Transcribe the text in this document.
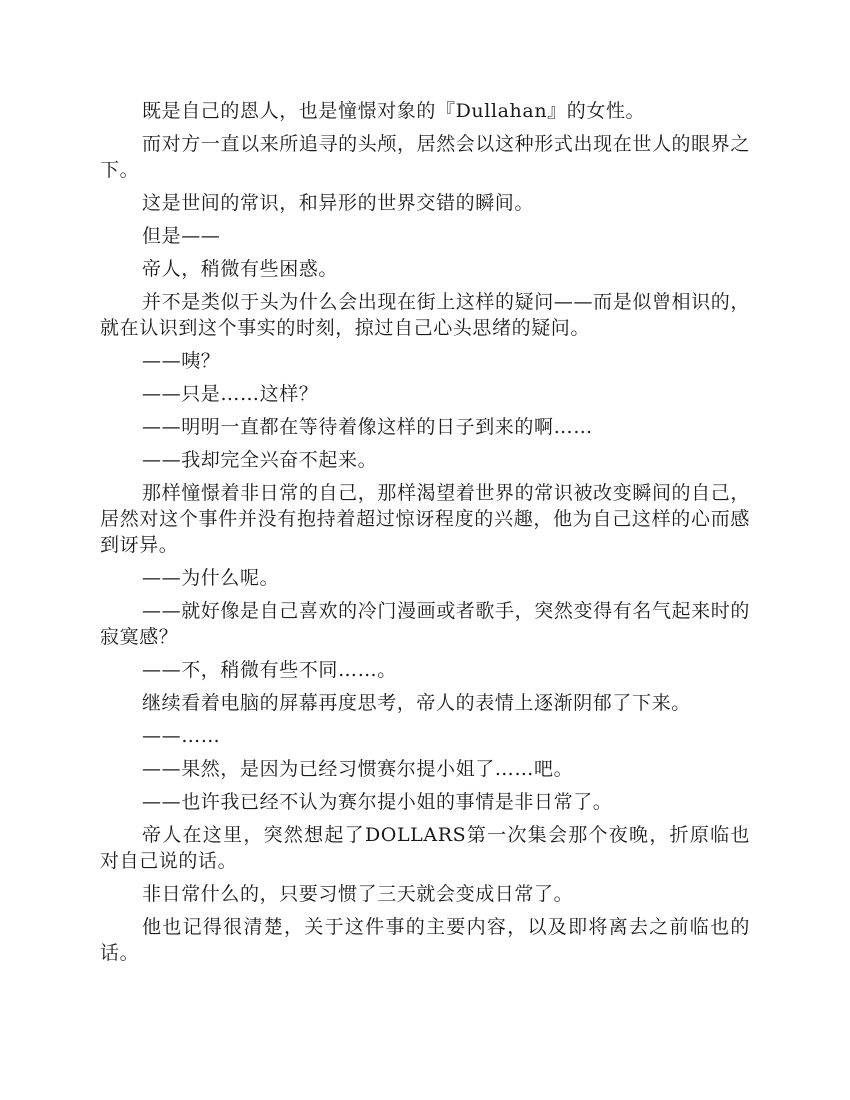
既是自己的恩人，也是憧憬对象的『Dullahan』的女性。

而对方一直以来所追寻的头颅，居然会以这种形式出现在世人的眼界之下。

这是世间的常识，和异形的世界交错的瞬间。

但是——

帝人，稍微有些困惑。

并不是类似于头为什么会出现在街上这样的疑问——而是似曾相识的，就在认识到这个事实的时刻，掠过自己心头思绪的疑问。

——咦？

——只是……这样？

——明明一直都在等待着像这样的日子到来的啊……

——我却完全兴奋不起来。

那样憧憬着非日常的自己，那样渴望着世界的常识被改变瞬间的自己，居然对这个事件并没有抱持着超过惊讶程度的兴趣，他为自己这样的心而感到讶异。

——为什么呢。

——就好像是自己喜欢的冷门漫画或者歌手，突然变得有名气起来时的寂寞感？

——不，稍微有些不同……。

继续看着电脑的屏幕再度思考，帝人的表情上逐渐阴郁了下来。

——……

——果然，是因为已经习惯赛尔提小姐了……吧。

——也许我已经不认为赛尔提小姐的事情是非日常了。

帝人在这里，突然想起了DOLLARS第一次集会那个夜晚，折原临也对自己说的话。

非日常什么的，只要习惯了三天就会变成日常了。

他也记得很清楚，关于这件事的主要内容，以及即将离去之前临也的话。
